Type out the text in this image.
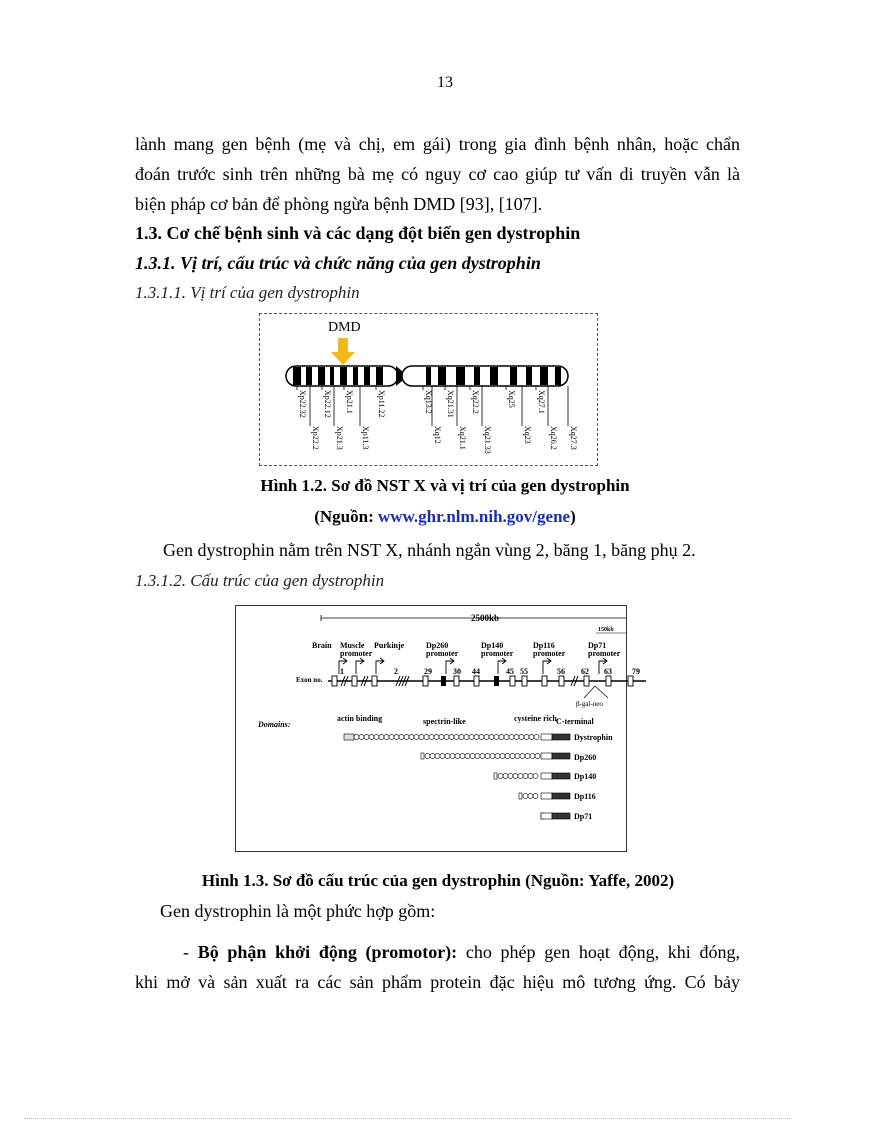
13
lành mang gen bệnh (mẹ và chị, em gái) trong gia đình bệnh nhân, hoặc chẩn
đoán trước sinh trên những bà mẹ có nguy cơ cao giúp tư vấn di truyền vẫn là
biện pháp cơ bản để phòng ngừa bệnh DMD [93], [107].
1.3. Cơ chế bệnh sinh và các dạng đột biến gen dystrophin
1.3.1. Vị trí, cấu trúc và chức năng của gen dystrophin
1.3.1.1. Vị trí của gen dystrophin
DMD
Xp22.32 Xp22.12 Xp21.1	Xp11.22	Xq13.2 Xq21.31 Xq22.2	Xq25	Xq27.1
Xp22.2 Xp21.3 Xp11.3	Xq12 Xq21.1 Xq21.33	Xq23 Xq26.2 Xq27.3
Hình 1.2. Sơ đồ NST X và vị trí của gen dystrophin
(Nguồn: www.ghr.nlm.nih.gov/gene)
Gen dystrophin nằm trên NST X, nhánh ngắn vùng 2, băng 1, băng phụ 2.
1.3.1.2. Cấu trúc của gen dystrophin
2500kb
150kb
Brain Muscle Purkinje
promoter
Dp260
promoter
Dp140
promoter
Dp116
promoter
Dp71
promoter
1	2	29	30 44	45 55	56 62 63	79
Exon no.
β-gal-neo
Domains:
actin binding	spectrin-like	cysteine rich C-terminal
Dystrophin
Dp260
Dp140
Dp116
Dp71
Hình 1.3. Sơ đồ cấu trúc của gen dystrophin (Nguồn: Yaffe, 2002)
Gen dystrophin là một phức hợp gồm:
- Bộ phận khởi động (promotor): cho phép gen hoạt động, khi đóng,
khi mở và sản xuất ra các sản phẩm protein đặc hiệu mô tương ứng. Có bảy
